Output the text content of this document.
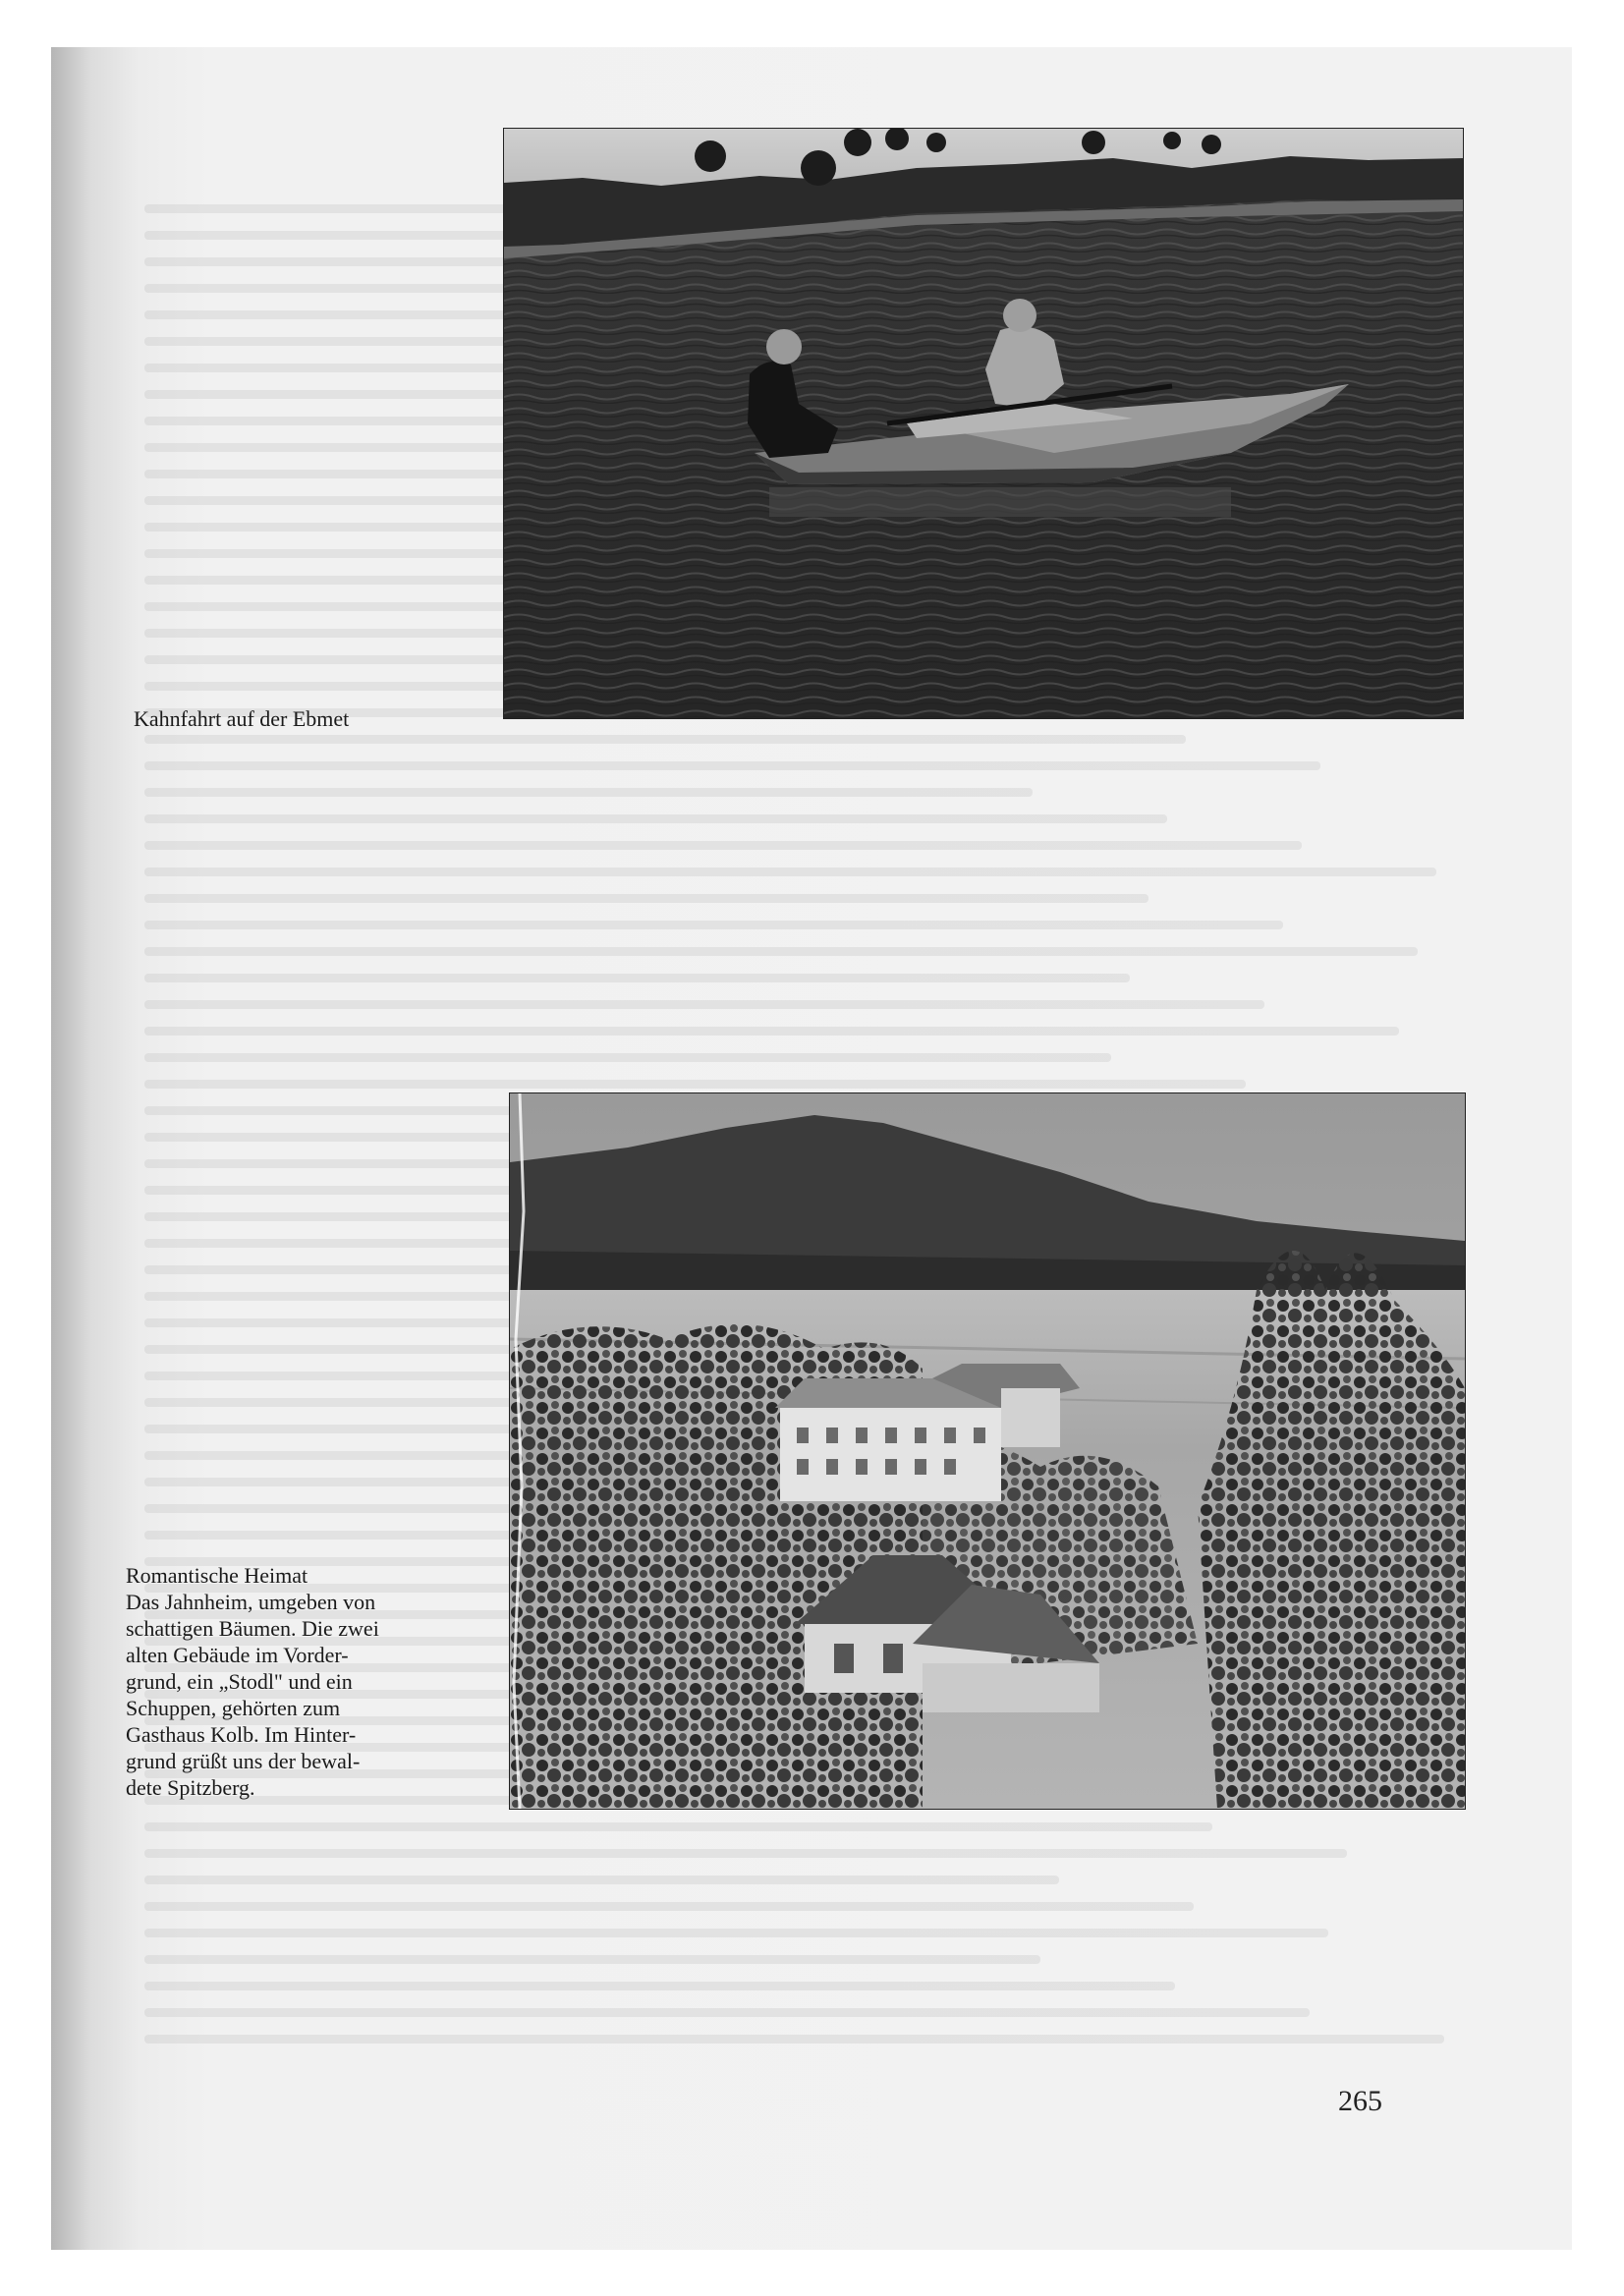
Kahnfahrt auf der Ebmet
Romantische Heimat
Das Jahnheim, umgeben von
schattigen Bäumen. Die zwei
alten Gebäude im Vorder-
grund, ein „Stodl" und ein
Schuppen, gehörten zum
Gasthaus Kolb. Im Hinter-
grund grüßt uns der bewal-
dete Spitzberg.
265
